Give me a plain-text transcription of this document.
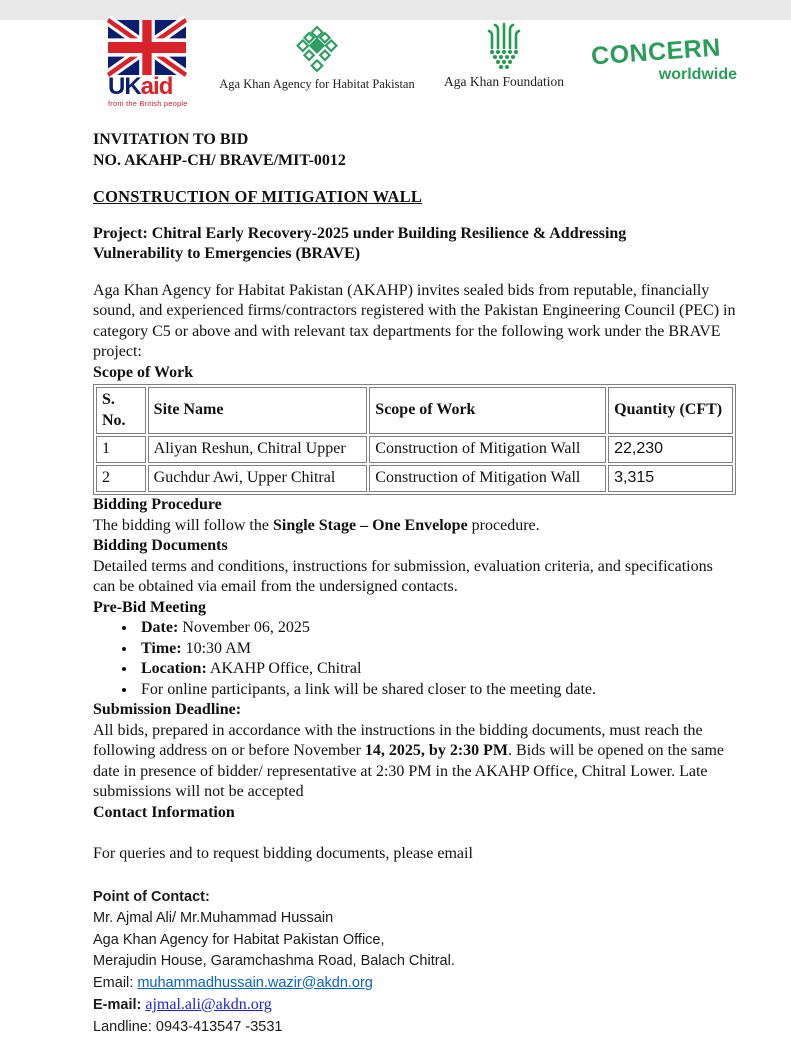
UKaid
from the British people
Aga Khan Agency for Habitat Pakistan Aga Khan Foundation
CONCERN
worldwide
INVITATION TO BID
NO. AKAHP-CH/ BRAVE/MIT-0012
CONSTRUCTION OF MITIGATION WALL
Project: Chitral Early Recovery-2025 under Building Resilience & Addressing Vulnerability to Emergencies (BRAVE)
Aga Khan Agency for Habitat Pakistan (AKAHP) invites sealed bids from reputable, financially sound, and experienced firms/contractors registered with the Pakistan Engineering Council (PEC) in category C5 or above and with relevant tax departments for the following work under the BRAVE project:
Scope of Work
S. No.	Site Name	Scope of Work	Quantity (CFT)
1	Aliyan Reshun, Chitral Upper	Construction of Mitigation Wall	22,230
2	Guchdur Awi, Upper Chitral	Construction of Mitigation Wall	3,315
Bidding Procedure
The bidding will follow the Single Stage – One Envelope procedure.
Bidding Documents
Detailed terms and conditions, instructions for submission, evaluation criteria, and specifications can be obtained via email from the undersigned contacts.
Pre-Bid Meeting
• Date: November 06, 2025
• Time: 10:30 AM
• Location: AKAHP Office, Chitral
• For online participants, a link will be shared closer to the meeting date.
Submission Deadline:
All bids, prepared in accordance with the instructions in the bidding documents, must reach the following address on or before November 14, 2025, by 2:30 PM. Bids will be opened on the same date in presence of bidder/ representative at 2:30 PM in the AKAHP Office, Chitral Lower. Late submissions will not be accepted
Contact Information
For queries and to request bidding documents, please email
Point of Contact:
Mr. Ajmal Ali/ Mr.Muhammad Hussain
Aga Khan Agency for Habitat Pakistan Office,
Merajudin House, Garamchashma Road, Balach Chitral.
Email: muhammadhussain.wazir@akdn.org
E-mail: ajmal.ali@akdn.org
Landline: 0943-413547 -3531
